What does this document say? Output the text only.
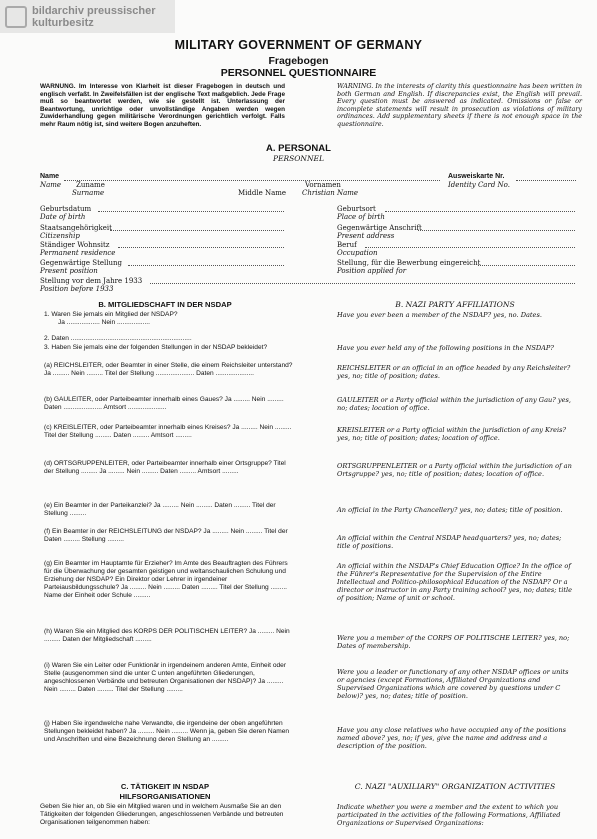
bildarchiv preussischer
kulturbesitz
MILITARY GOVERNMENT OF GERMANY
Fragebogen
PERSONNEL QUESTIONNAIRE
WARNUNG. Im Interesse von Klarheit ist dieser Fragebogen in deutsch und englisch verfaßt. In Zweifelsfällen ist der englische Text maßgeblich. Jede Frage muß so beantwortet werden, wie sie gestellt ist. Unterlassung der Beantwortung, unrichtige oder unvollständige Angaben werden wegen Zuwiderhandlung gegen militärische Verordnungen gerichtlich verfolgt. Falls mehr Raum nötig ist, sind weitere Bogen anzuheften.
WARNING. In the interests of clarity this questionnaire has been written in both German and English. If discrepancies exist, the English will prevail. Every question must be answered as indicated. Omissions or false or incomplete statements will result in prosecution as violations of military ordinances. Add supplementary sheets if there is not enough space in the questionnaire.
A. PERSONAL
PERSONNEL
Name	Ausweiskarte Nr.
Name Zuname	Vornamen	Identity Card No.
Surname	Middle Name Christian Name
Geburtsdatum
Date of birth
Geburtsort
Place of birth
Staatsangehörigkeit
Citizenship
Gegenwärtige Anschrift
Present address
Ständiger Wohnsitz
Permanent residence
Beruf
Occupation
Gegenwärtige Stellung
Present position
Stellung, für die Bewerbung eingereicht
Position applied for
Stellung vor dem Jahre 1933
Position before 1933
B. MITGLIEDSCHAFT IN DER NSDAP	B. NAZI PARTY AFFILIATIONS
1. Waren Sie jemals ein Mitglied der NSDAP?
Ja .................. Nein ..................
Have you ever been a member of the NSDAP? yes, no. Dates.
2. Daten ..................................................................
3. Haben Sie jemals eine der folgenden Stellungen in der NSDAP bekleidet?	Have you ever held any of the following positions in the NSDAP?
(a) REICHSLEITER, oder Beamter in einer Stelle, die einem Reichsleiter unterstand? Ja ......... Nein ......... Titel der Stellung ..................... Daten .....................
REICHSLEITER or an official in an office headed by any Reichsleiter? yes, no; title of position; dates.
(b) GAULEITER, oder Parteibeamter innerhalb eines Gaues? Ja ......... Nein ......... Daten ..................... Amtsort .....................
GAULEITER or a Party official within the jurisdiction of any Gau? yes, no; dates; location of office.
(c) KREISLEITER, oder Parteibeamter innerhalb eines Kreises? Ja ......... Nein ......... Titel der Stellung ......... Daten ......... Amtsort .........
KREISLEITER or a Party official within the jurisdiction of any Kreis? yes, no; title of position; dates; location of office.
(d) ORTSGRUPPENLEITER, oder Parteibeamter innerhalb einer Ortsgruppe? Titel der Stellung ......... Ja ......... Nein ......... Daten ......... Amtsort .........
ORTSGRUPPENLEITER or a Party official within the jurisdiction of an Ortsgruppe? yes, no; title of position; dates; location of office.
(e) Ein Beamter in der Parteikanzlei? Ja ......... Nein ......... Daten ......... Titel der Stellung .........	An official in the Party Chancellery? yes, no; dates; title of position.
(f) Ein Beamter in der REICHSLEITUNG der NSDAP? Ja ......... Nein ......... Titel der Daten ......... Stellung .........	An official within the Central NSDAP headquarters? yes, no; dates; title of positions.
(g) Ein Beamter im Hauptamte für Erzieher? Im Amte des Beauftragten des Führers für die Überwachung der gesamten geistigen und weltanschaulichen Schulung und Erziehung der NSDAP? Ein Direktor oder Lehrer in irgendeiner Parteiausbildungsschule? Ja ......... Nein ......... Daten ......... Titel der Stellung ......... Name der Einheit oder Schule .........
An official within the NSDAP's Chief Education Office? In the office of the Führer's Representative for the Supervision of the Entire Intellectual and Politico-philosophical Education of the NSDAP? Or a director or instructor in any Party training school? yes, no; dates; title of position; Name of unit or school.
(h) Waren Sie ein Mitglied des KORPS DER POLITISCHEN LEITER? Ja ......... Nein ......... Daten der Mitgliedschaft .........	Were you a member of the CORPS OF POLITISCHE LEITER? yes, no; Dates of membership.
(i) Waren Sie ein Leiter oder Funktionär in irgendeinem anderen Amte, Einheit oder Stelle (ausgenommen sind die unter C unten angeführten Gliederungen, angeschlossenen Verbände und betreuten Organisationen der NSDAP)? Ja ......... Nein ......... Daten ......... Titel der Stellung .........
Were you a leader or functionary of any other NSDAP offices or units or agencies (except Formations, Affiliated Organizations and Supervised Organizations which are covered by questions under C below)? yes, no; dates; title of position.
(j) Haben Sie irgendwelche nahe Verwandte, die irgendeine der oben angeführten Stellungen bekleidet haben? Ja ......... Nein ......... Wenn ja, geben Sie deren Namen und Anschriften und eine Bezeichnung deren Stellung an .........
Have you any close relatives who have occupied any of the positions named above? yes, no; if yes, give the name and address and a description of the position.
C. TÄTIGKEIT IN NSDAP HILFSORGANISATIONEN
C. NAZI "AUXILIARY" ORGANIZATION ACTIVITIES
Geben Sie hier an, ob Sie ein Mitglied waren und in welchem Ausmaße Sie an den Tätigkeiten der folgenden Gliederungen, angeschlossenen Verbände und betreuten Organisationen teilgenommen haben:
Indicate whether you were a member and the extent to which you participated in the activities of the following Formations, Affiliated Organizations or Supervised Organizations:
